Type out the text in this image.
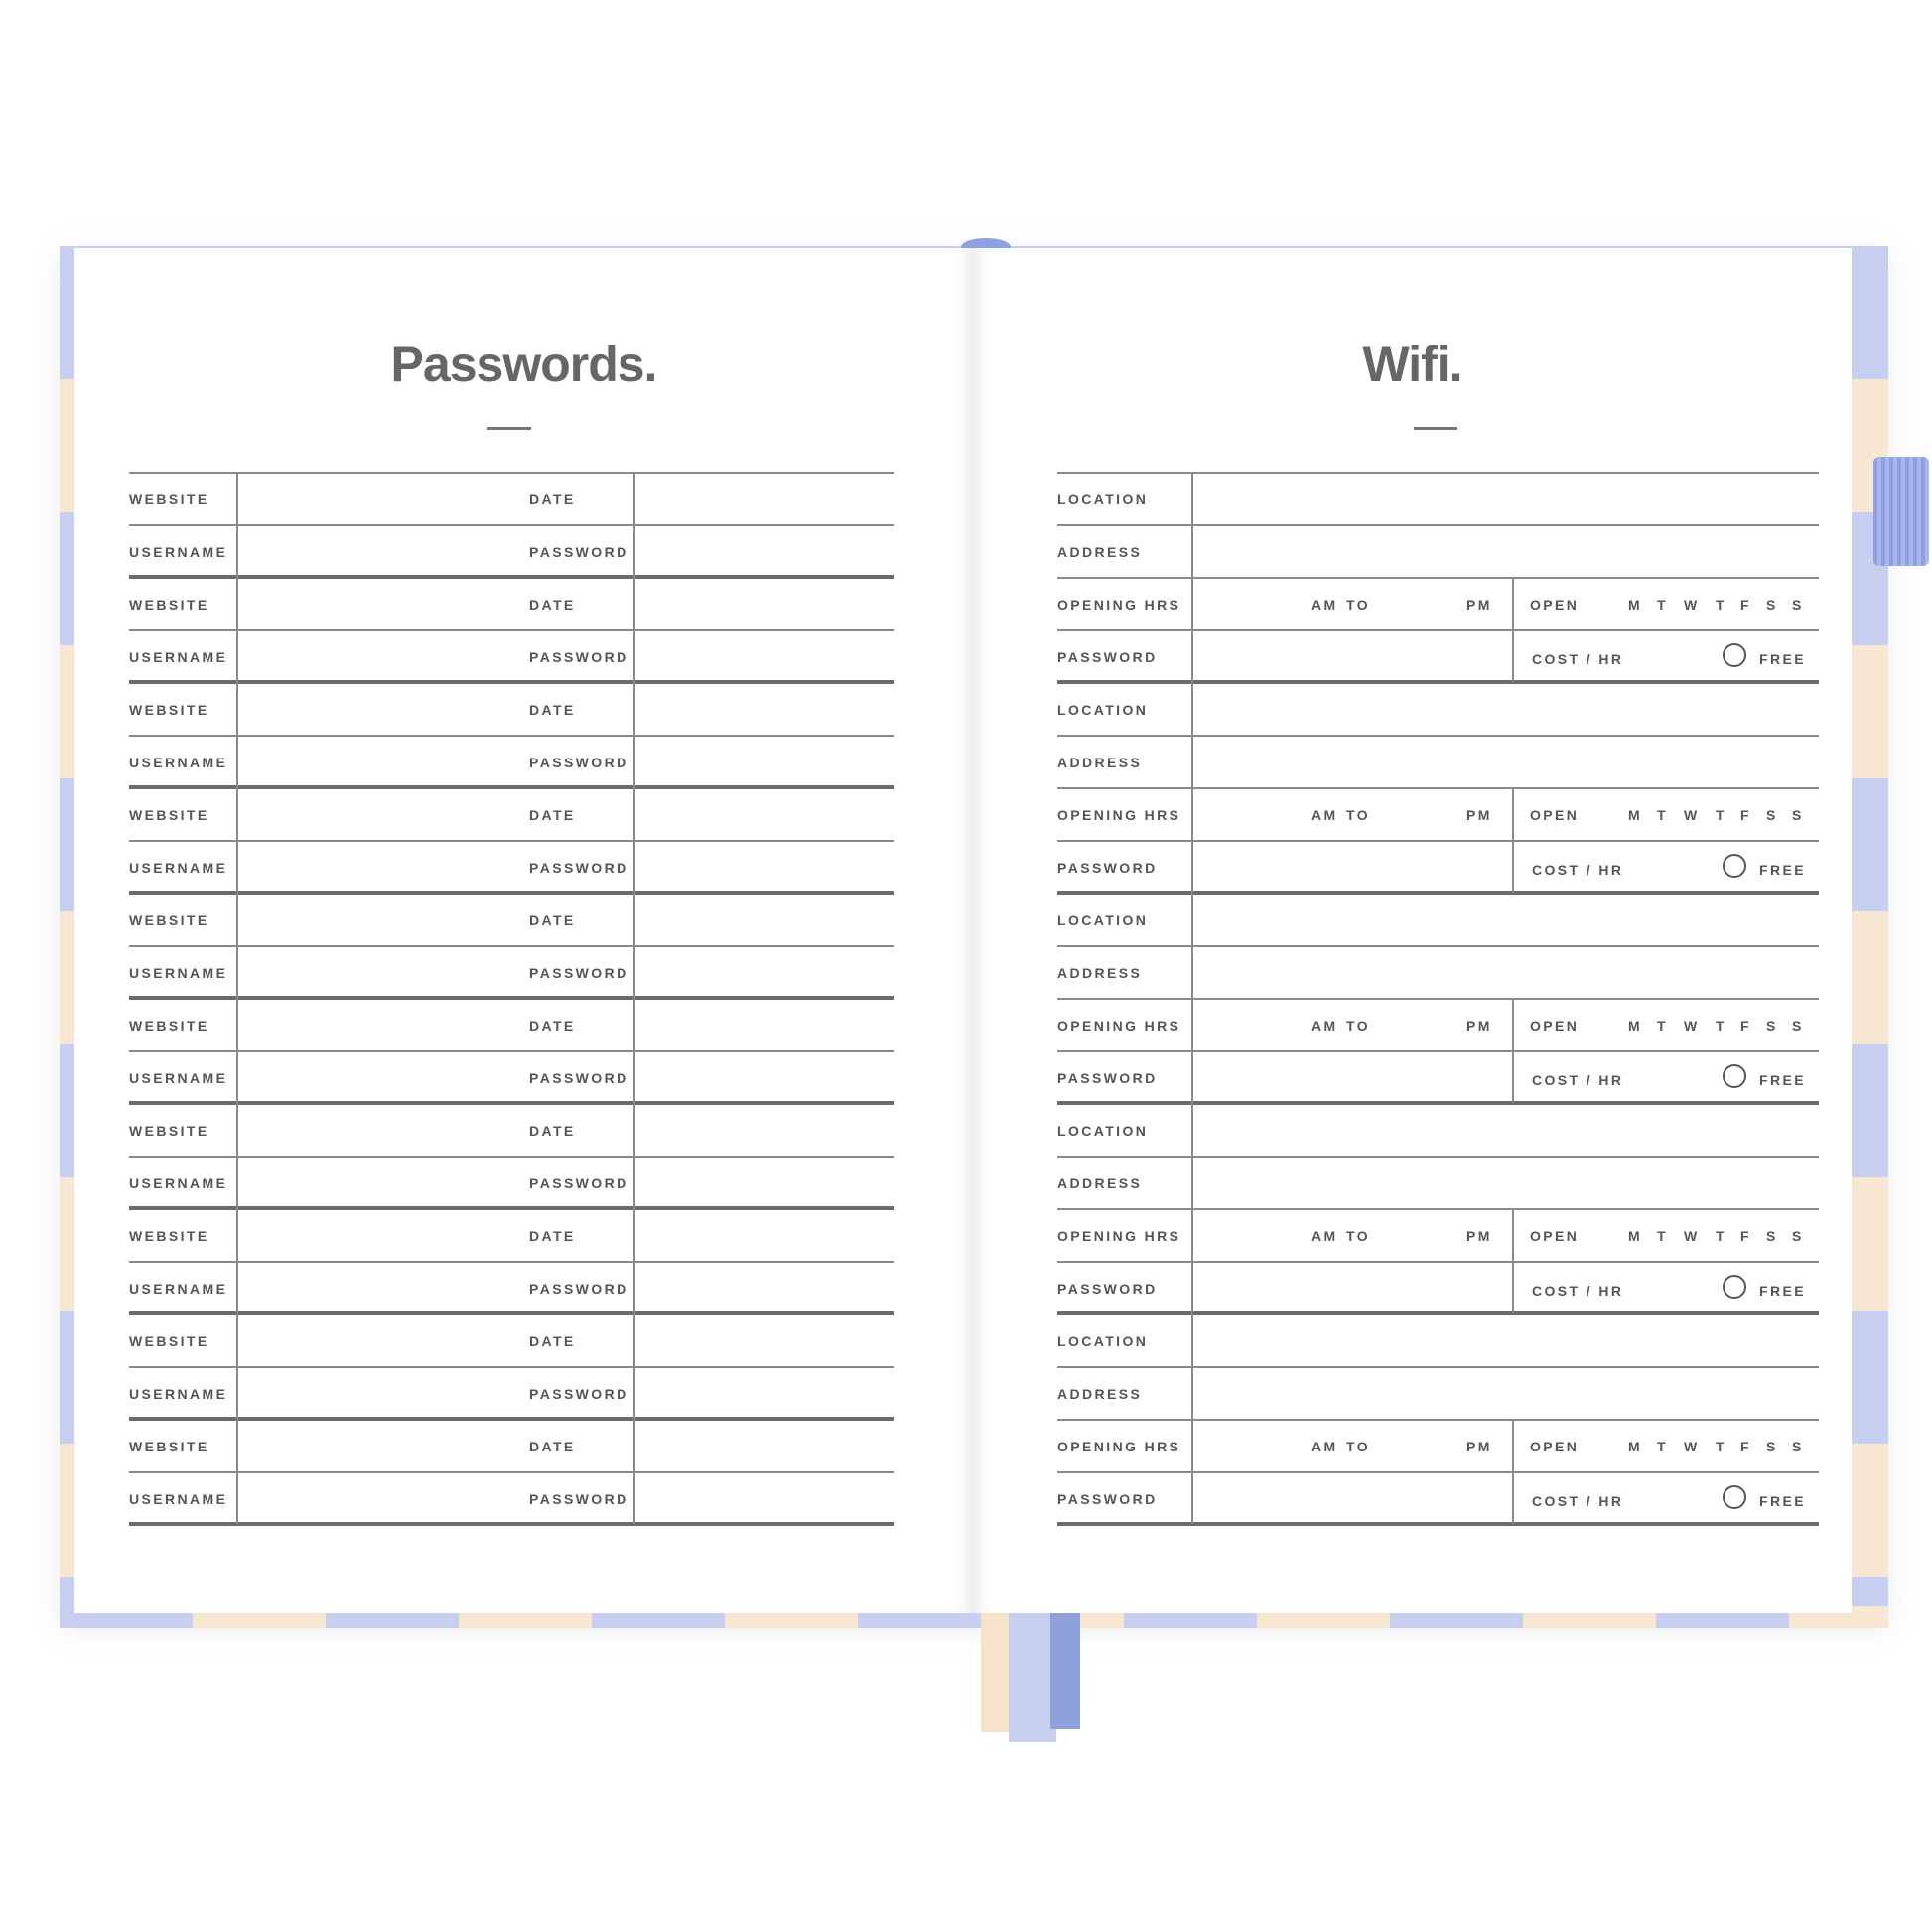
Passwords.	Wifi.
WEBSITE	DATE
USERNAME	PASSWORD
WEBSITE	DATE
USERNAME	PASSWORD
WEBSITE	DATE
USERNAME	PASSWORD
WEBSITE	DATE
USERNAME	PASSWORD
WEBSITE	DATE
USERNAME	PASSWORD
WEBSITE	DATE
USERNAME	PASSWORD
WEBSITE	DATE
USERNAME	PASSWORD
WEBSITE	DATE
USERNAME	PASSWORD
WEBSITE	DATE
USERNAME	PASSWORD
WEBSITE	DATE
USERNAME	PASSWORD
LOCATION
ADDRESS
OPENING HRS	AM TO	PM	OPEN	M T W T F S S
PASSWORD	COST / HR	FREE
LOCATION
ADDRESS
OPENING HRS	AM TO	PM	OPEN	M T W T F S S
PASSWORD	COST / HR	FREE
LOCATION
ADDRESS
OPENING HRS	AM TO	PM	OPEN	M T W T F S S
PASSWORD	COST / HR	FREE
LOCATION
ADDRESS
OPENING HRS	AM TO	PM	OPEN	M T W T F S S
PASSWORD	COST / HR	FREE
LOCATION
ADDRESS
OPENING HRS	AM TO	PM	OPEN	M T W T F S S
PASSWORD	COST / HR	FREE
